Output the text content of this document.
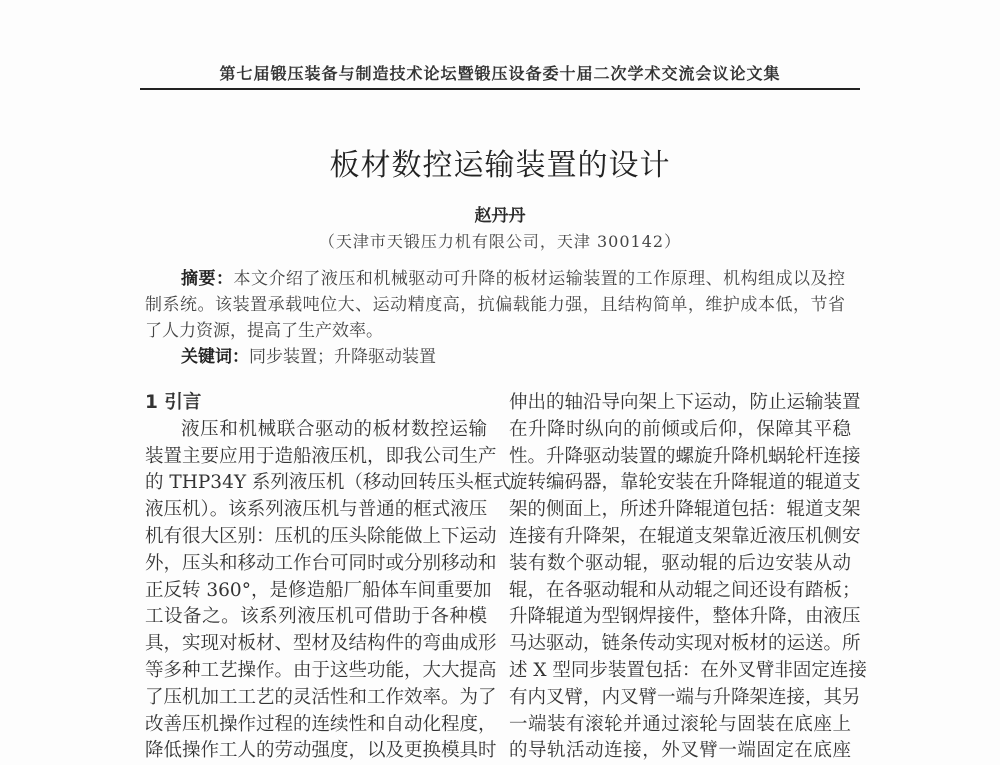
第七届锻压装备与制造技术论坛暨锻压设备委十届二次学术交流会议论文集
板材数控运输装置的设计
赵丹丹
（天津市天锻压力机有限公司，天津 300142）
摘要：本文介绍了液压和机械驱动可升降的板材运输装置的工作原理、机构组成以及控
制系统。该装置承载吨位大、运动精度高，抗偏载能力强，且结构简单，维护成本低，节省
了人力资源，提高了生产效率。
关键词：同步装置；升降驱动装置
1 引言
液压和机械联合驱动的板材数控运输
装置主要应用于造船液压机，即我公司生产
的 THP34Y 系列液压机（移动回转压头框式
液压机）。该系列液压机与普通的框式液压
机有很大区别：压机的压头除能做上下运动
外，压头和移动工作台可同时或分别移动和
正反转 360°，是修造船厂船体车间重要加
工设备之。该系列液压机可借助于各种模
具，实现对板材、型材及结构件的弯曲成形
等多种工艺操作。由于这些功能，大大提高
了压机加工工艺的灵活性和工作效率。为了
改善压机操作过程的连续性和自动化程度，
降低操作工人的劳动强度，以及更换模具时
伸出的轴沿导向架上下运动，防止运输装置
在升降时纵向的前倾或后仰，保障其平稳
性。升降驱动装置的螺旋升降机蜗轮杆连接
旋转编码器，靠轮安装在升降辊道的辊道支
架的侧面上，所述升降辊道包括：辊道支架
连接有升降架，在辊道支架靠近液压机侧安
装有数个驱动辊，驱动辊的后边安装从动
辊，在各驱动辊和从动辊之间还设有踏板；
升降辊道为型钢焊接件，整体升降，由液压
马达驱动，链条传动实现对板材的运送。所
述 X 型同步装置包括：在外叉臂非固定连接
有内叉臂，内叉臂一端与升降架连接，其另
一端装有滚轮并通过滚轮与固装在底座上
的导轨活动连接，外叉臂一端固定在底座
